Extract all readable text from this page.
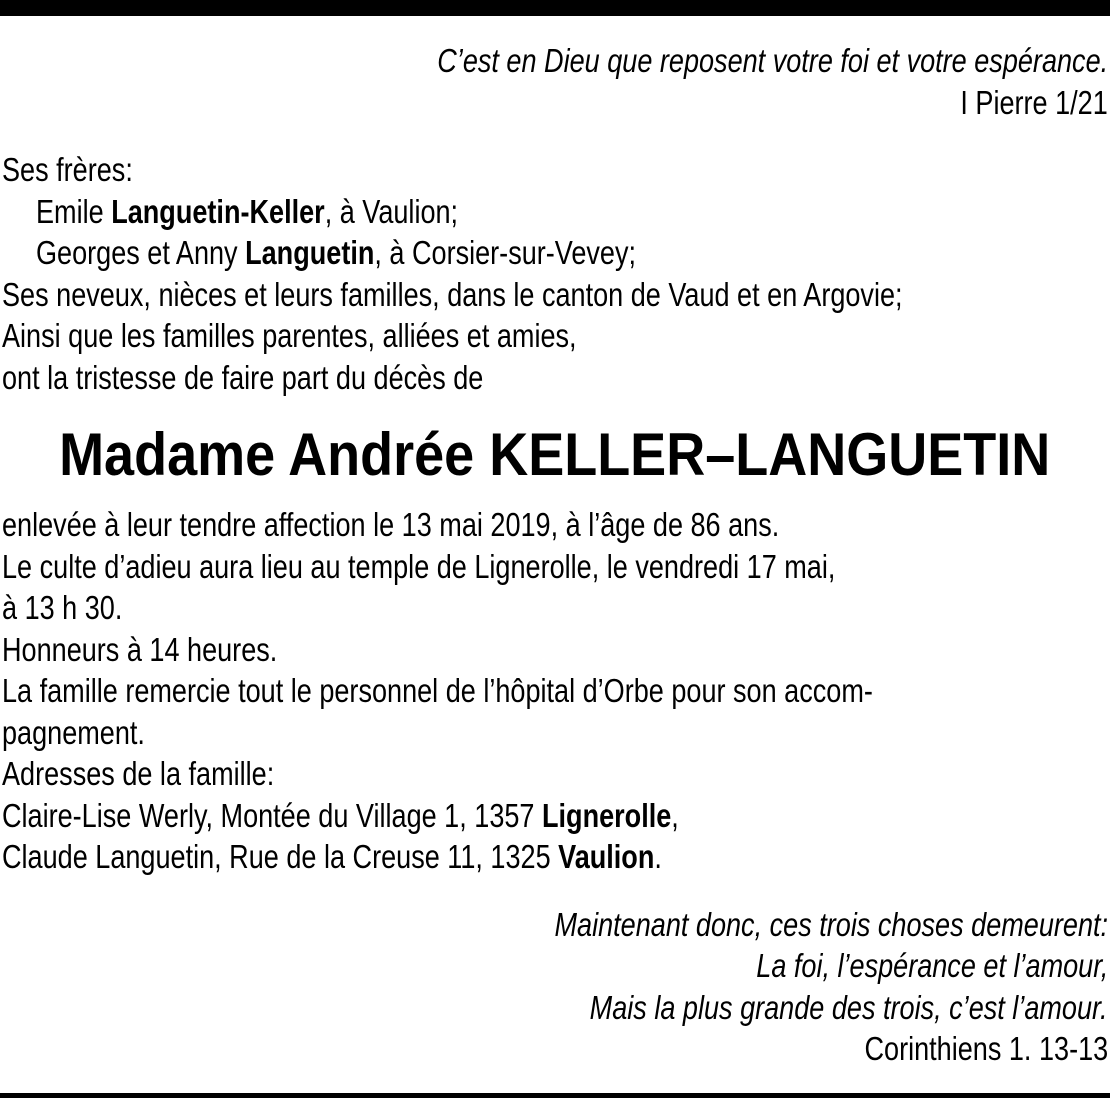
C’est en Dieu que reposent votre foi et votre espérance.
I Pierre 1/21
Ses frères:
Emile Languetin-Keller, à Vaulion;
Georges et Anny Languetin, à Corsier-sur-Vevey;
Ses neveux, nièces et leurs familles, dans le canton de Vaud et en Argovie;
Ainsi que les familles parentes, alliées et amies,
ont la tristesse de faire part du décès de
Madame Andrée KELLER–LANGUETIN
enlevée à leur tendre affection le 13 mai 2019, à l’âge de 86 ans.
Le culte d’adieu aura lieu au temple de Lignerolle, le vendredi 17 mai,
à 13 h 30.
Honneurs à 14 heures.
La famille remercie tout le personnel de l’hôpital d’Orbe pour son accom-
pagnement.
Adresses de la famille:
Claire-Lise Werly, Montée du Village 1, 1357 Lignerolle,
Claude Languetin, Rue de la Creuse 11, 1325 Vaulion.
Maintenant donc, ces trois choses demeurent:
La foi, l’espérance et l’amour,
Mais la plus grande des trois, c’est l’amour.
Corinthiens 1. 13-13
